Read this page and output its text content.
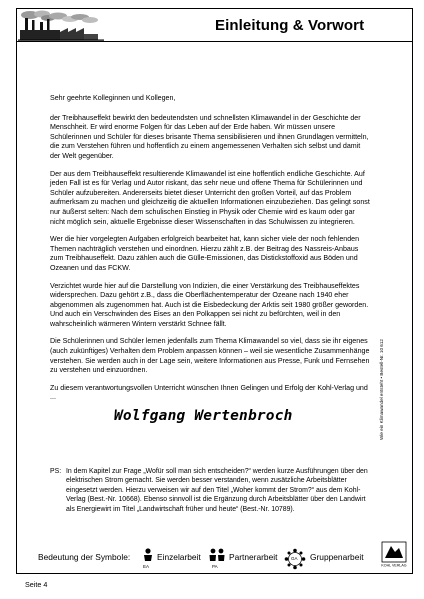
Einleitung & Vorwort

Sehr geehrte Kolleginnen und Kollegen,

der Treibhauseffekt bewirkt den bedeutendsten und schnellsten Klimawandel in der Geschichte der Menschheit. Er wird enorme Folgen für das Leben auf der Erde haben. Wir müssen unsere Schülerinnen und Schüler für dieses brisante Thema sensibilisieren und ihnen Grundlagen vermitteln, die zum Verstehen führen und hoffentlich zu einem angemessenen Verhalten sich selbst und damit der Welt gegenüber.

Der aus dem Treibhauseffekt resultierende Klimawandel ist eine hoffentlich endliche Geschichte. Auf jeden Fall ist es für Verlag und Autor riskant, das sehr neue und offene Thema für Schülerinnen und Schüler aufzubereiten. Andererseits bietet dieser Unterricht den großen Vorteil, auf das Problem aufmerksam zu machen und gleichzeitig die aktuellen Informationen einzubeziehen. Das gelingt sonst nur äußerst selten: Nach dem schulischen Einstieg in Physik oder Chemie wird es kaum oder gar nicht möglich sein, aktuelle Ergebnisse dieser Wissenschaften in das Schulwissen zu integrieren.

Wer die hier vorgelegten Aufgaben erfolgreich bearbeitet hat, kann sicher viele der noch fehlenden Themen nachträglich verstehen und einordnen. Hierzu zählt z.B. der Beitrag des Nassreis-Anbaus zum Treibhauseffekt. Dazu zählen auch die Gülle-Emissionen, das Distickstoffoxid aus Böden und Ozeanen und das FCKW.

Verzichtet wurde hier auf die Darstellung von Indizien, die einer Verstärkung des Treibhauseffektes widersprechen. Dazu gehört z.B., dass die Oberflächentemperatur der Ozeane nach 1940 eher abgenommen als zugenommen hat. Auch ist die Eisbedeckung der Arktis seit 1980 größer geworden. Und auch ein Verschwinden des Eises an den Polkappen sei nicht zu befürchten, weil in den wahrscheinlich wärmeren Wintern verstärkt Schnee fällt.

Die Schülerinnen und Schüler lernen jedenfalls zum Thema Klimawandel so viel, dass sie ihr eigenes (auch zukünftiges) Verhalten dem Problem anpassen können – weil sie wesentliche Zusammenhänge verstehen. Sie werden auch in der Lage sein, weitere Informationen aus Presse, Funk und Fernsehen zu verstehen und einzuordnen.

Zu diesem verantwortungsvollen Unterricht wünschen Ihnen Gelingen und Erfolg der Kohl-Verlag und ...

Wolfgang Wertenbroch
PS: In dem Kapitel zur Frage „Wofür soll man sich entscheiden?“ werden kurze Ausführungen über den elektrischen Strom gemacht. Sie werden besser verstanden, wenn zusätzliche Arbeitsblätter eingesetzt werden. Hierzu verweisen wir auf den Titel „Woher kommt der Strom?“ aus dem Kohl-Verlag (Best.-Nr. 10668). Ebenso sinnvoll ist die Ergänzung durch Arbeitsblätter über den Landwirt als Energiewirt im Titel „Landwirtschaft früher und heute“ (Best.-Nr. 10789).
Wie ein Klimawandel entsteht • Bestell-Nr. 10 612
Bedeutung der Symbole:
EA
Einzelarbeit
PA
Partnerarbeit	GA Gruppenarbeit
KOHL VERLAG
Seite 4
